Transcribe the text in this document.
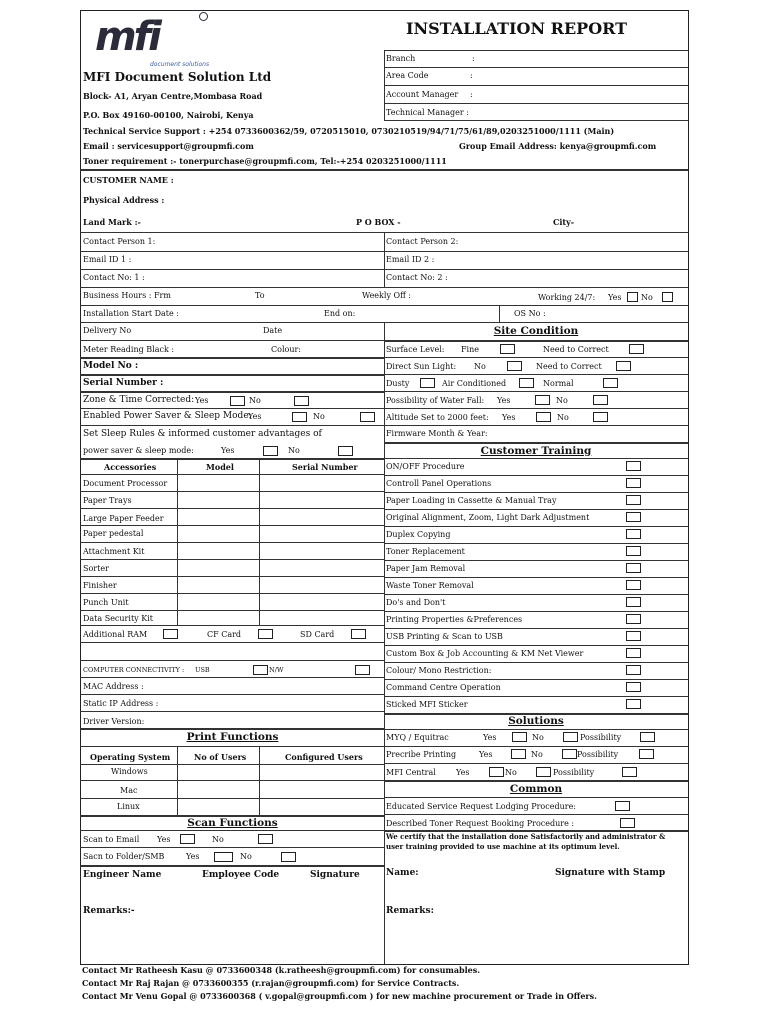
mfi
document solutions
INSTALLATION REPORT
MFI Document Solution Ltd
Block- A1, Aryan Centre,Mombasa Road
P.O. Box 49160-00100, Nairobi, Kenya
Technical Service Support : +254 0733600362/59, 0720515010, 0730210519/94/71/75/61/89,0203251000/1111 (Main)
Email : servicesupport@groupmfi.com	Group Email Address: kenya@groupmfi.com
Toner requirement :- tonerpurchase@groupmfi.com, Tel:-+254 0203251000/1111
Branch	:
Area Code	:
Account Manager :
Technical Manager :
CUSTOMER NAME :
Physical Address :
Land Mark :-	P O BOX -	City-
Contact Person 1:	Contact Person 2:
Email ID 1 :	Email ID 2 :
Contact No: 1 :	Contact No: 2 :
Business Hours : Frm	To	Weekly Off :	Working 24/7: Yes No
Installation Start Date :	End on:	OS No :
Delivery No	Date
Meter Reading Black :	Colour:
Model No :
Serial Number :
Zone & Time Corrected: Yes	No
Enabled Power Saver & Sleep Mode:
Yes	No
Set Sleep Rules & informed customer advantages of
power saver & sleep mode:	Yes	No
Accessories	Model	Serial Number
Document Processor
Paper Trays
Large Paper Feeder
Paper pedestal
Attachment Kit
Sorter
Finisher
Punch Unit
Data Security Kit
Additional RAM	CF Card	SD Card
COMPUTER CONNECTIVITY : USB	N/W
MAC Address :
Static IP Address :
Driver Version:
Print Functions
Operating System	No of Users	Configured Users
Windows
Mac
Linux
Scan Functions
Scan to Email Yes	No
Sacn to Folder/SMB	Yes	No
Engineer Name	Employee Code	Signature
Remarks:-
Site Condition
Surface Level: Fine	Need to Correct
Direct Sun Light: No	Need to Correct
Dusty	Air Conditioned	Normal
Possibility of Water Fall: Yes	No
Altitude Set to 2000 feet: Yes	No
Firmware Month & Year:
Customer Training
ON/OFF Procedure
Controll Panel Operations
Paper Loading in Cassette & Manual Tray
Original Alignment, Zoom, Light Dark Adjustment
Duplex Copying
Toner Replacement
Paper Jam Removal
Waste Toner Removal
Do's and Don't
Printing Properties &Preferences
USB Printing & Scan to USB
Custom Box & Job Accounting & KM Net Viewer
Colour/ Mono Restriction:
Command Centre Operation
Sticked MFI Sticker
Solutions
MYQ / Equitrac	Yes	No	Possibility
Precribe Printing	Yes	No	Possibility
MFI Central	Yes	No	Possibility
Common
Educated Service Request Lodging Procedure:
Described Toner Request Booking Procedure :
We certify that the installation done Satisfactorily and administrator &
user training provided to use machine at its optimum level.
Name:	Signature with Stamp
Remarks:
Contact Mr Ratheesh Kasu @ 0733600348 (k.ratheesh@groupmfi.com) for consumables.
Contact Mr Raj Rajan @ 0733600355 (r.rajan@groupmfi.com) for Service Contracts.
Contact Mr Venu Gopal @ 0733600368 ( v.gopal@groupmfi.com ) for new machine procurement or Trade in Offers.
